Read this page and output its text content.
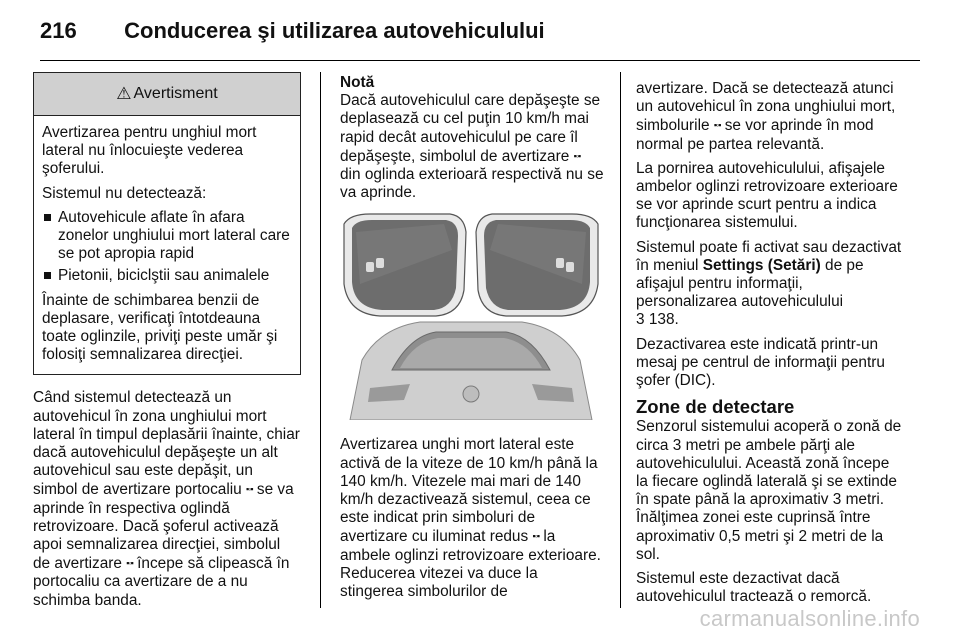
216 Conducerea şi utilizarea autovehiculului
⚠ Avertisment

Avertizarea pentru unghiul mort lateral nu înlocuieşte vederea şoferului.

Sistemul nu detectează:

Autovehicule aflate în afara zonelor unghiului mort lateral care se pot apropia rapid
Pietonii, biciclştii sau animalele

Înainte de schimbarea benzii de deplasare, verificaţi întotdeauna toate oglinzile, priviţi peste umăr şi folosiţi semnalizarea direcţiei.

Când sistemul detectează un autovehicul în zona unghiului mort lateral în timpul deplasării înainte, chiar dacă autovehiculul depăşeşte un alt autovehicul sau este depăşit, un simbol de avertizare portocaliu ▪◦▪ se va aprinde în respectiva oglindă retrovizoare. Dacă şoferul activează apoi semnalizarea direcţiei, simbolul de avertizare ▪◦▪ începe să clipească în portocaliu ca avertizare de a nu schimba banda.

Notă

Dacă autovehiculul care depăşeşte se deplasează cu cel puţin 10 km/h mai rapid decât autovehiculul pe care îl depăşeşte, simbolul de avertizare ▪◦▪ din oglinda exterioară respectivă nu se va aprinde.

Avertizarea unghi mort lateral este activă de la viteze de 10 km/h până la 140 km/h. Vitezele mai mari de 140 km/h dezactivează sistemul, ceea ce este indicat prin simboluri de avertizare cu iluminat redus ▪◦▪ la ambele oglinzi retrovizoare exterioare. Reducerea vitezei va duce la stingerea simbolurilor de

avertizare. Dacă se detectează atunci un autovehicul în zona unghiului mort, simbolurile ▪◦▪ se vor aprinde în mod normal pe partea relevantă.

La pornirea autovehiculului, afişajele ambelor oglinzi retrovizoare exterioare se vor aprinde scurt pentru a indica funcţionarea sistemului.

Sistemul poate fi activat sau dezactivat în meniul Settings (Setări) de pe afişajul pentru informaţii, personalizarea autovehiculului
3 138.

Dezactivarea este indicată printr-un mesaj pe centrul de informaţii pentru şofer (DIC).

Zone de detectare

Senzorul sistemului acoperă o zonă de circa 3 metri pe ambele părţi ale autovehiculului. Această zonă începe la fiecare oglindă laterală şi se extinde în spate până la aproximativ 3 metri. Înălţimea zonei este cuprinsă între aproximativ 0,5 metri şi 2 metri de la sol.

Sistemul este dezactivat dacă autovehiculul tractează o remorcă.

carmanualsonline.info
